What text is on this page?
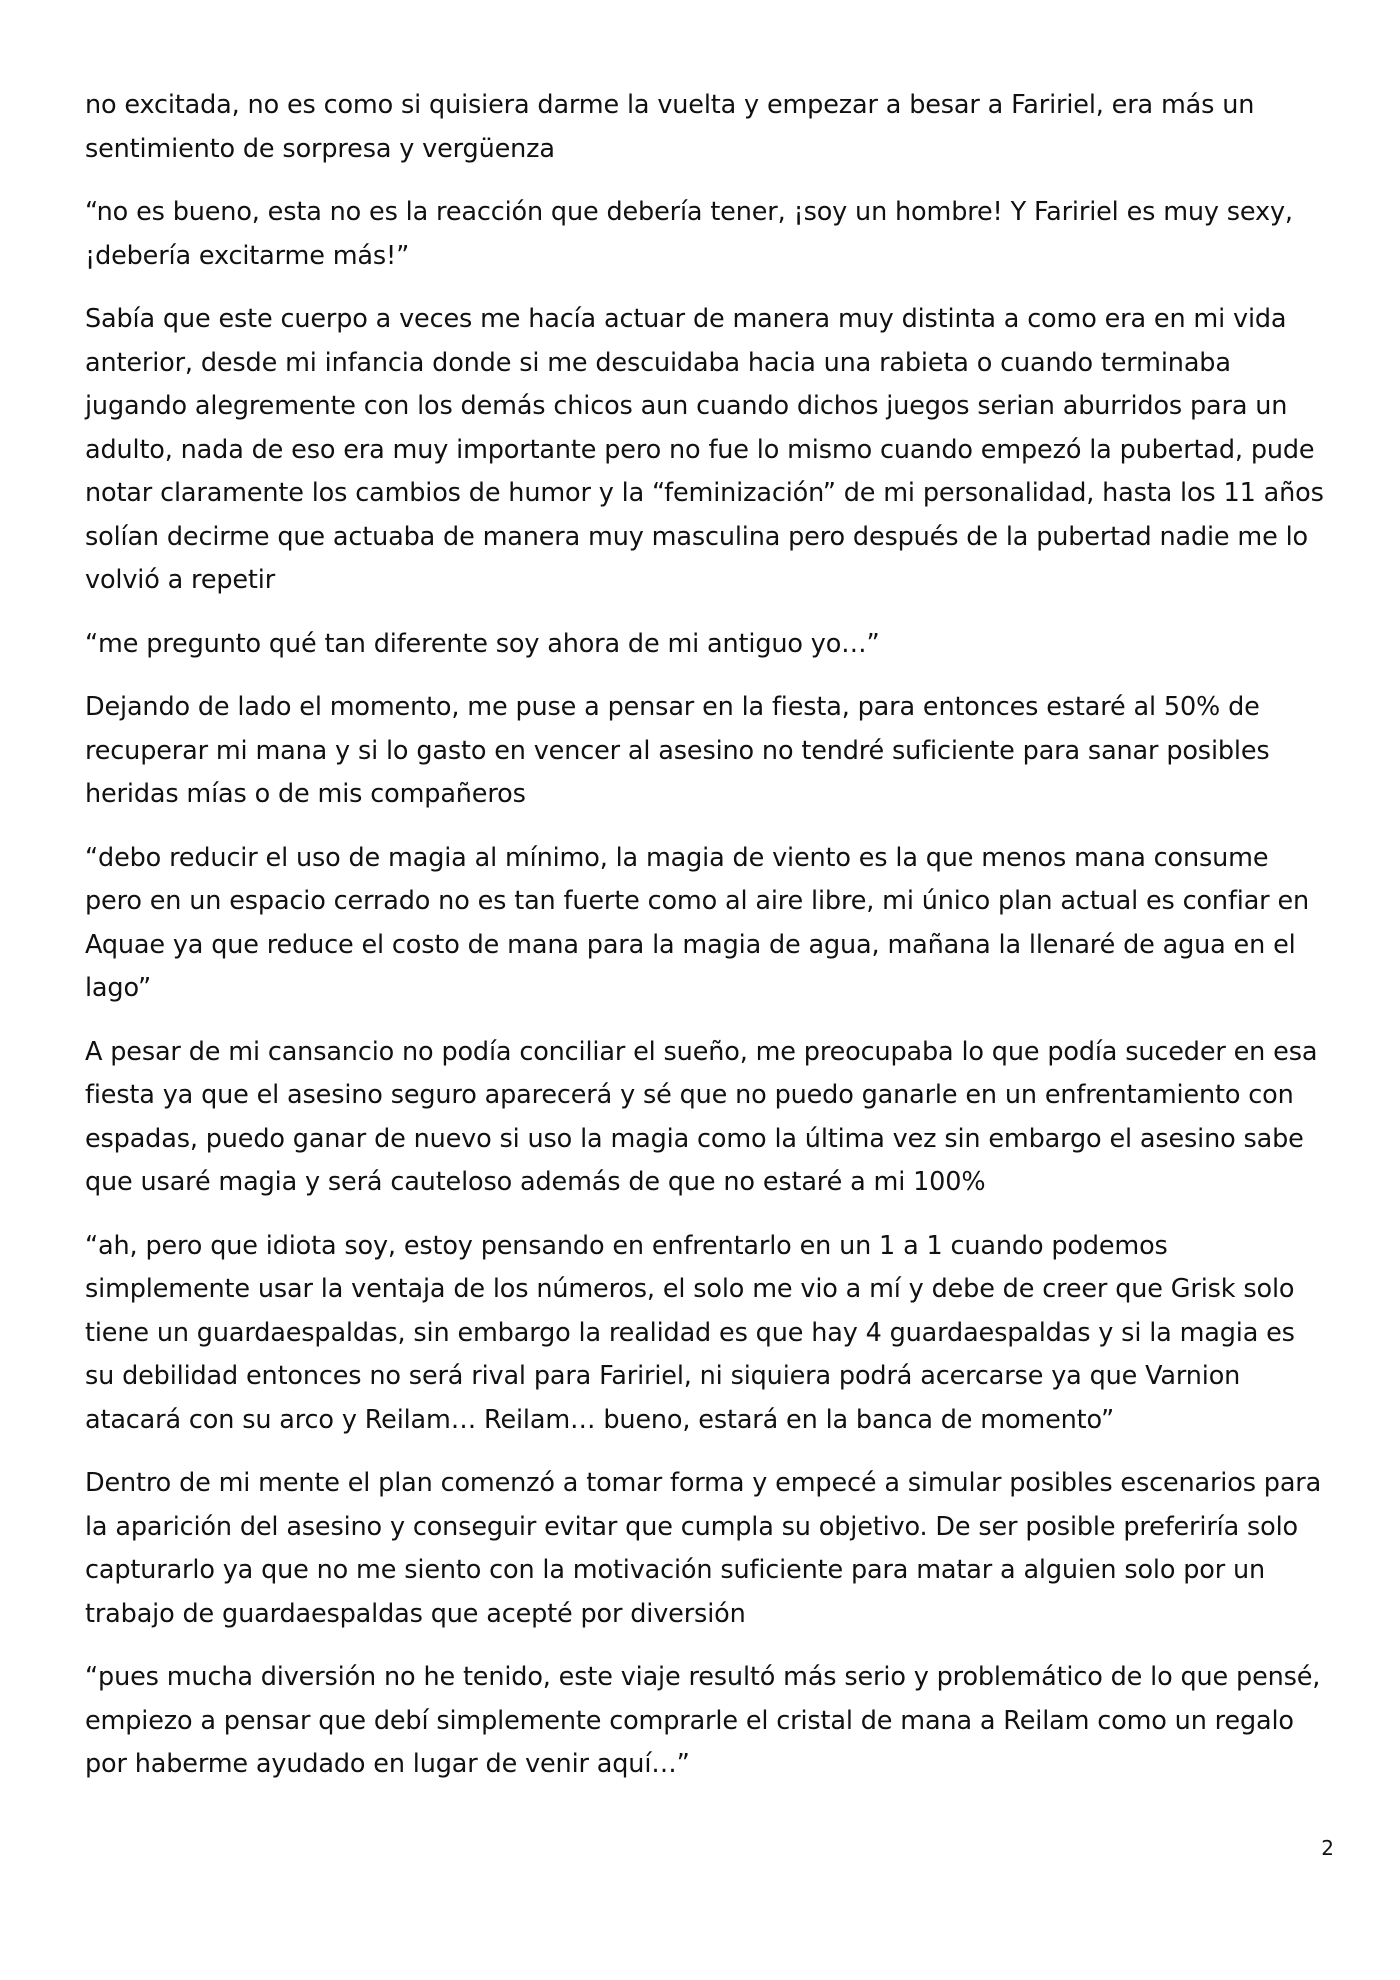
no excitada, no es como si quisiera darme la vuelta y empezar a besar a Faririel, era más un sentimiento de sorpresa y vergüenza

“no es bueno, esta no es la reacción que debería tener, ¡soy un hombre! Y Faririel es muy sexy, ¡debería excitarme más!”

Sabía que este cuerpo a veces me hacía actuar de manera muy distinta a como era en mi vida anterior, desde mi infancia donde si me descuidaba hacia una rabieta o cuando terminaba jugando alegremente con los demás chicos aun cuando dichos juegos serian aburridos para un adulto, nada de eso era muy importante pero no fue lo mismo cuando empezó la pubertad, pude notar claramente los cambios de humor y la “feminización” de mi personalidad, hasta los 11 años solían decirme que actuaba de manera muy masculina pero después de la pubertad nadie me lo volvió a repetir

“me pregunto qué tan diferente soy ahora de mi antiguo yo…”

Dejando de lado el momento, me puse a pensar en la fiesta, para entonces estaré al 50% de recuperar mi mana y si lo gasto en vencer al asesino no tendré suficiente para sanar posibles heridas mías o de mis compañeros

“debo reducir el uso de magia al mínimo, la magia de viento es la que menos mana consume pero en un espacio cerrado no es tan fuerte como al aire libre, mi único plan actual es confiar en Aquae ya que reduce el costo de mana para la magia de agua, mañana la llenaré de agua en el lago”

A pesar de mi cansancio no podía conciliar el sueño, me preocupaba lo que podía suceder en esa fiesta ya que el asesino seguro aparecerá y sé que no puedo ganarle en un enfrentamiento con espadas, puedo ganar de nuevo si uso la magia como la última vez sin embargo el asesino sabe que usaré magia y será cauteloso además de que no estaré a mi 100%

“ah, pero que idiota soy, estoy pensando en enfrentarlo en un 1 a 1 cuando podemos simplemente usar la ventaja de los números, el solo me vio a mí y debe de creer que Grisk solo tiene un guardaespaldas, sin embargo la realidad es que hay 4 guardaespaldas y si la magia es su debilidad entonces no será rival para Faririel, ni siquiera podrá acercarse ya que Varnion atacará con su arco y Reilam… Reilam… bueno, estará en la banca de momento”

Dentro de mi mente el plan comenzó a tomar forma y empecé a simular posibles escenarios para la aparición del asesino y conseguir evitar que cumpla su objetivo. De ser posible preferiría solo capturarlo ya que no me siento con la motivación suficiente para matar a alguien solo por un trabajo de guardaespaldas que acepté por diversión

“pues mucha diversión no he tenido, este viaje resultó más serio y problemático de lo que pensé, empiezo a pensar que debí simplemente comprarle el cristal de mana a Reilam como un regalo por haberme ayudado en lugar de venir aquí…”

2
